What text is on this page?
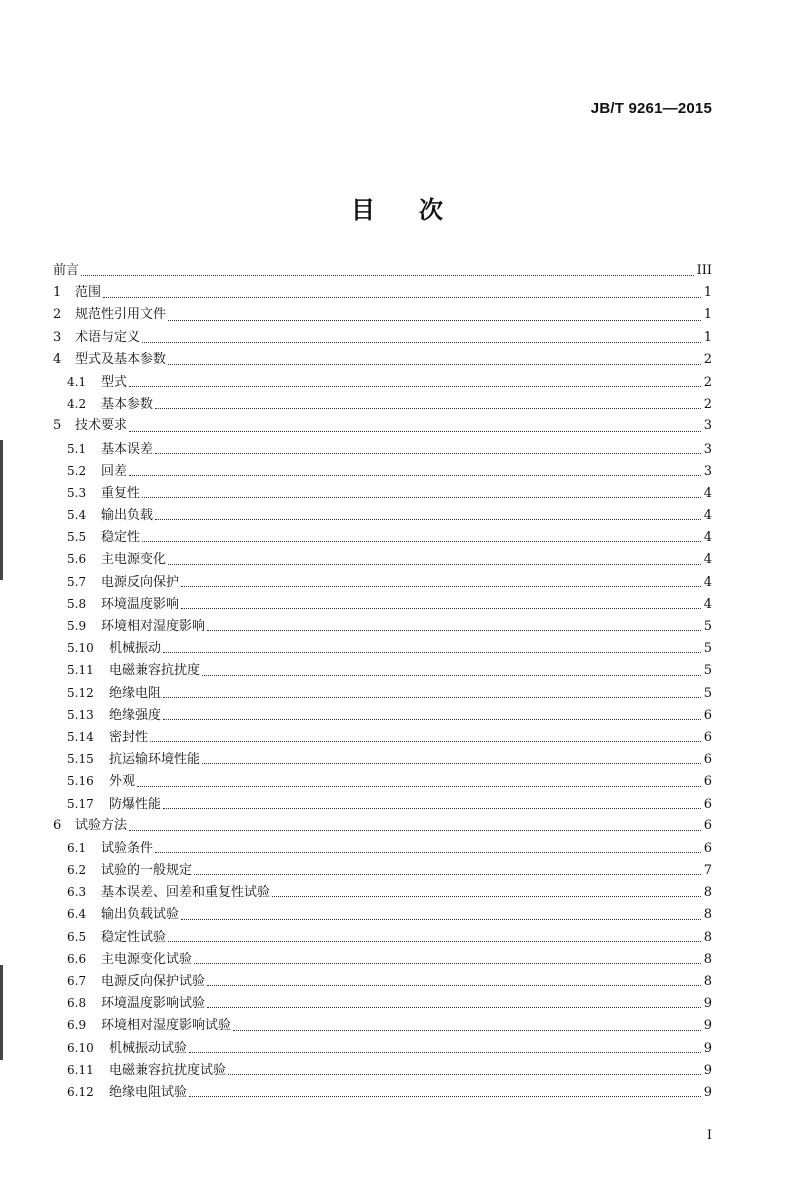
JB/T 9261—2015
目 次
前言	III
1	范围	1
2	规范性引用文件	1
3	术语与定义	1
4	型式及基本参数	2
4.1	型式	2
4.2	基本参数	2
5	技术要求	3
5.1	基本误差	3
5.2	回差	3
5.3	重复性	4
5.4	输出负载	4
5.5	稳定性	4
5.6	主电源变化	4
5.7	电源反向保护	4
5.8	环境温度影响	4
5.9	环境相对湿度影响	5
5.10	机械振动	5
5.11	电磁兼容抗扰度	5
5.12	绝缘电阻	5
5.13	绝缘强度	6
5.14	密封性	6
5.15	抗运输环境性能	6
5.16	外观	6
5.17	防爆性能	6
6	试验方法	6
6.1	试验条件	6
6.2	试验的一般规定	7
6.3	基本误差、回差和重复性试验	8
6.4	输出负载试验	8
6.5	稳定性试验	8
6.6	主电源变化试验	8
6.7	电源反向保护试验	8
6.8	环境温度影响试验	9
6.9	环境相对湿度影响试验	9
6.10	机械振动试验	9
6.11	电磁兼容抗扰度试验	9
6.12	绝缘电阻试验	9
I
